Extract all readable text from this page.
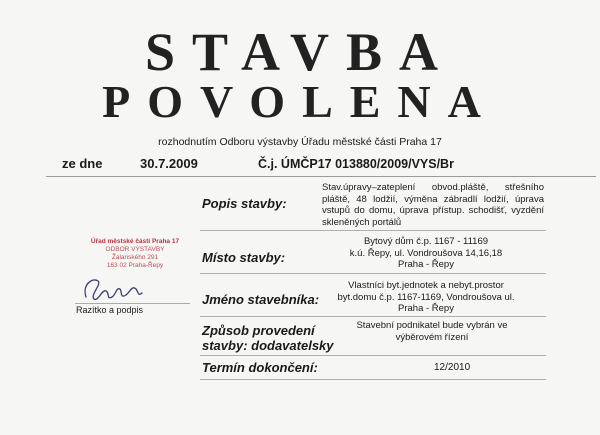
STAVBA
POVOLENA
rozhodnutím Odboru výstavby Úřadu městské části Praha 17
ze dne	30.7.2009	Č.j. ÚMČP17 013880/2009/VYS/Br
Popis stavby:
Stav.úpravy–zateplení obvod.pláště, střešního pláště, 48 lodžií, výměna zábradlí lodžií, úprava vstupů do domu, úprava přístup. schodišť, vyzdění skleněných portálů
Místo stavby:
Bytový dům č.p. 1167 - 11169
k.ú. Řepy, ul. Vondroušova 14,16,18
Praha - Řepy
Jméno stavebníka:
Vlastníci byt.jednotek a nebyt.prostor
byt.domu č.p. 1167-1169, Vondroušova ul.
Praha - Řepy
Způsob provedení
stavby: dodavatelsky
Stavební podnikatel bude vybrán ve
výběrovém řízení
Termín dokončení:	12/2010
Úřad městské části Praha 17
ODBOR VÝSTAVBY
Žalanského 291
163 02 Praha-Řepy
Razítko a podpis
